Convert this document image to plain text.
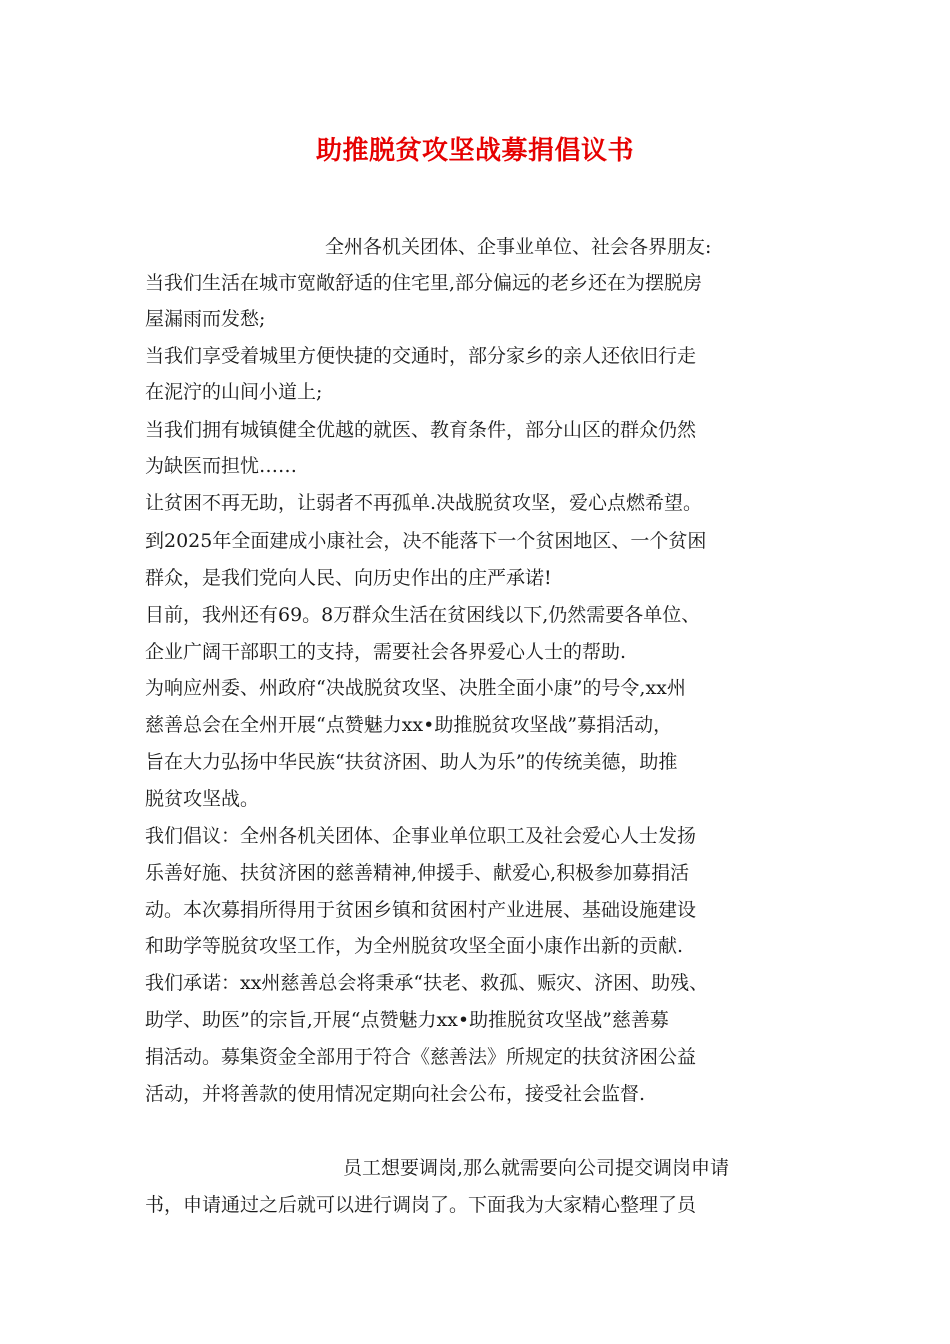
助推脱贫攻坚战募捐倡议书
全州各机关团体、企事业单位、社会各界朋友:
当我们生活在城市宽敞舒适的住宅里,部分偏远的老乡还在为摆脱房
屋漏雨而发愁;
当我们享受着城里方便快捷的交通时，部分家乡的亲人还依旧行走
在泥泞的山间小道上;
当我们拥有城镇健全优越的就医、教育条件，部分山区的群众仍然
为缺医而担忧……
让贫困不再无助，让弱者不再孤单.决战脱贫攻坚，爱心点燃希望。
到2025年全面建成小康社会，决不能落下一个贫困地区、一个贫困
群众，是我们党向人民、向历史作出的庄严承诺!
目前，我州还有69。8万群众生活在贫困线以下,仍然需要各单位、
企业广阔干部职工的支持，需要社会各界爱心人士的帮助.
为响应州委、州政府“决战脱贫攻坚、决胜全面小康”的号令,xx州
慈善总会在全州开展“点赞魅力xx•助推脱贫攻坚战”募捐活动，
旨在大力弘扬中华民族“扶贫济困、助人为乐”的传统美德，助推
脱贫攻坚战。
我们倡议：全州各机关团体、企事业单位职工及社会爱心人士发扬
乐善好施、扶贫济困的慈善精神,伸援手、献爱心,积极参加募捐活
动。本次募捐所得用于贫困乡镇和贫困村产业进展、基础设施建设
和助学等脱贫攻坚工作，为全州脱贫攻坚全面小康作出新的贡献.
我们承诺：xx州慈善总会将秉承“扶老、救孤、赈灾、济困、助残、
助学、助医”的宗旨,开展“点赞魅力xx•助推脱贫攻坚战”慈善募
捐活动。募集资金全部用于符合《慈善法》所规定的扶贫济困公益
活动，并将善款的使用情况定期向社会公布，接受社会监督.
员工想要调岗,那么就需要向公司提交调岗申请
书，申请通过之后就可以进行调岗了。下面我为大家精心整理了员
